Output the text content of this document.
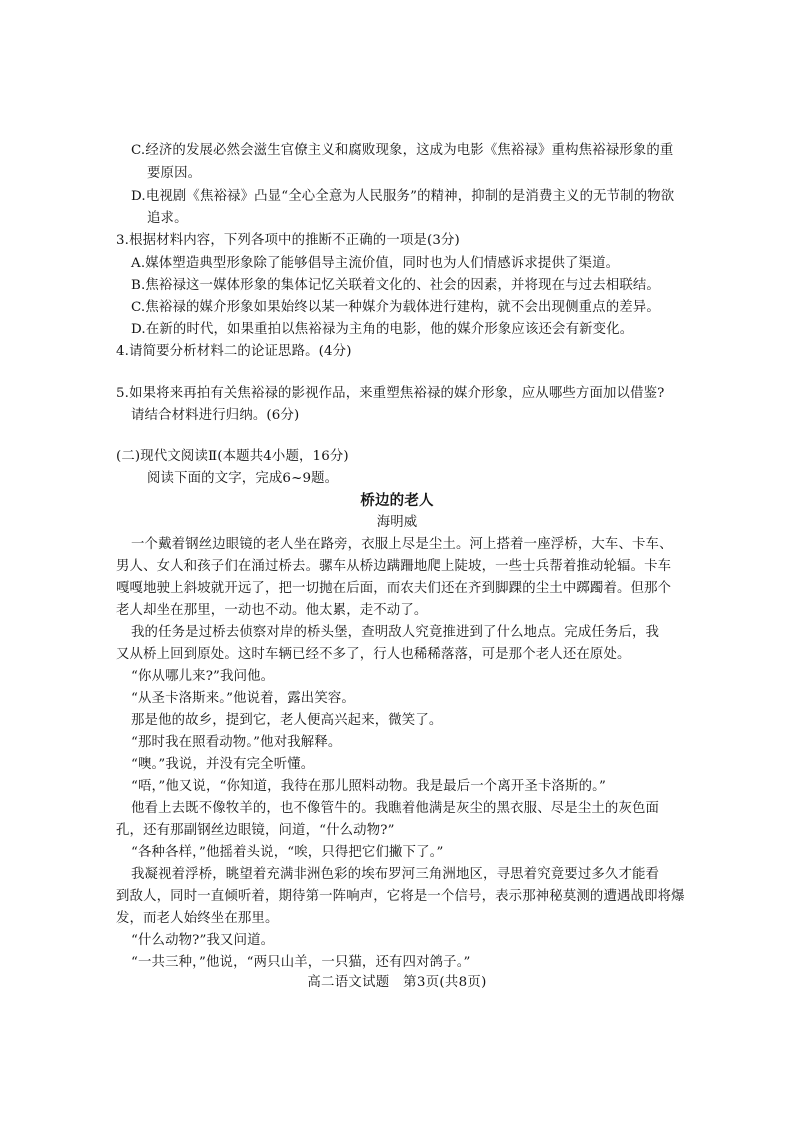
C.经济的发展必然会滋生官僚主义和腐败现象，这成为电影《焦裕禄》重构焦裕禄形象的重
要原因。
D.电视剧《焦裕禄》凸显“全心全意为人民服务”的精神，抑制的是消费主义的无节制的物欲
追求。
3.根据材料内容，下列各项中的推断不正确的一项是(3分)
A.媒体塑造典型形象除了能够倡导主流价值，同时也为人们情感诉求提供了渠道。
B.焦裕禄这一媒体形象的集体记忆关联着文化的、社会的因素，并将现在与过去相联结。
C.焦裕禄的媒介形象如果始终以某一种媒介为载体进行建构，就不会出现侧重点的差异。
D.在新的时代，如果重拍以焦裕禄为主角的电影，他的媒介形象应该还会有新变化。
4.请简要分析材料二的论证思路。(4分)
5.如果将来再拍有关焦裕禄的影视作品，来重塑焦裕禄的媒介形象，应从哪些方面加以借鉴?
请结合材料进行归纳。(6分)
(二)现代文阅读Ⅱ(本题共4小题，16分)
阅读下面的文字，完成6~9题。
桥边的老人
海明威
一个戴着钢丝边眼镜的老人坐在路旁，衣服上尽是尘土。河上搭着一座浮桥，大车、卡车、
男人、女人和孩子们在涌过桥去。骡车从桥边蹒跚地爬上陡坡，一些士兵帮着推动轮辐。卡车
嘎嘎地驶上斜坡就开远了，把一切抛在后面，而农夫们还在齐到脚踝的尘土中踯躅着。但那个
老人却坐在那里，一动也不动。他太累，走不动了。
我的任务是过桥去侦察对岸的桥头堡，查明敌人究竟推进到了什么地点。完成任务后，我
又从桥上回到原处。这时车辆已经不多了，行人也稀稀落落，可是那个老人还在原处。
“你从哪儿来?”我问他。
“从圣卡洛斯来。”他说着，露出笑容。
那是他的故乡，提到它，老人便高兴起来，微笑了。
“那时我在照看动物。”他对我解释。
“噢。”我说，并没有完全听懂。
“唔，”他又说，“你知道，我待在那儿照料动物。我是最后一个离开圣卡洛斯的。”
他看上去既不像牧羊的，也不像管牛的。我瞧着他满是灰尘的黑衣服、尽是尘土的灰色面
孔，还有那副钢丝边眼镜，问道，“什么动物?”
“各种各样，”他摇着头说，“唉，只得把它们撇下了。”
我凝视着浮桥，眺望着充满非洲色彩的埃布罗河三角洲地区，寻思着究竟要过多久才能看
到敌人，同时一直倾听着，期待第一阵响声，它将是一个信号，表示那神秘莫测的遭遇战即将爆
发，而老人始终坐在那里。
“什么动物?”我又问道。
“一共三种，”他说，“两只山羊，一只猫，还有四对鸽子。”
高二语文试题　第3页(共8页)
